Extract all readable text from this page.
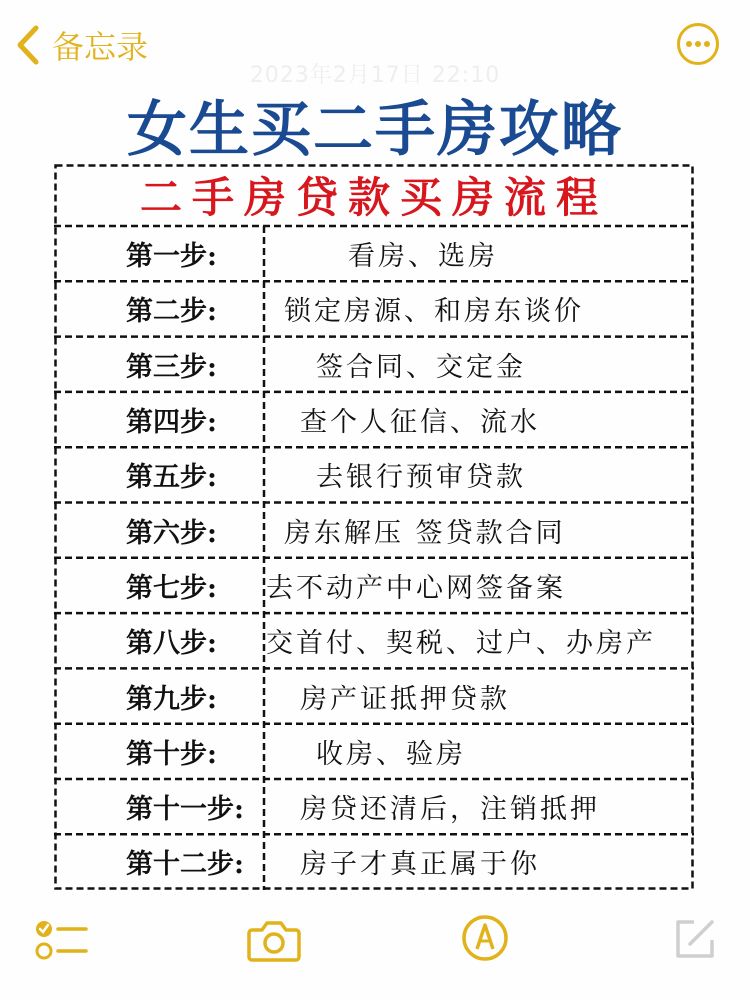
备忘录
2023年2月17日 22:10
女生买二手房攻略
二手房贷款买房流程
第一步:	看房、选房
第二步:	锁定房源、和房东谈价
第三步:	签合同、交定金
第四步:	查个人征信、流水
第五步:	去银行预审贷款
第六步:	房东解压 签贷款合同
第七步: 去不动产中心网签备案
第八步: 交首付、契税、过户、办房产
第九步:	房产证抵押贷款
第十步:	收房、验房
第十一步:	房贷还清后，注销抵押
第十二步:	房子才真正属于你
